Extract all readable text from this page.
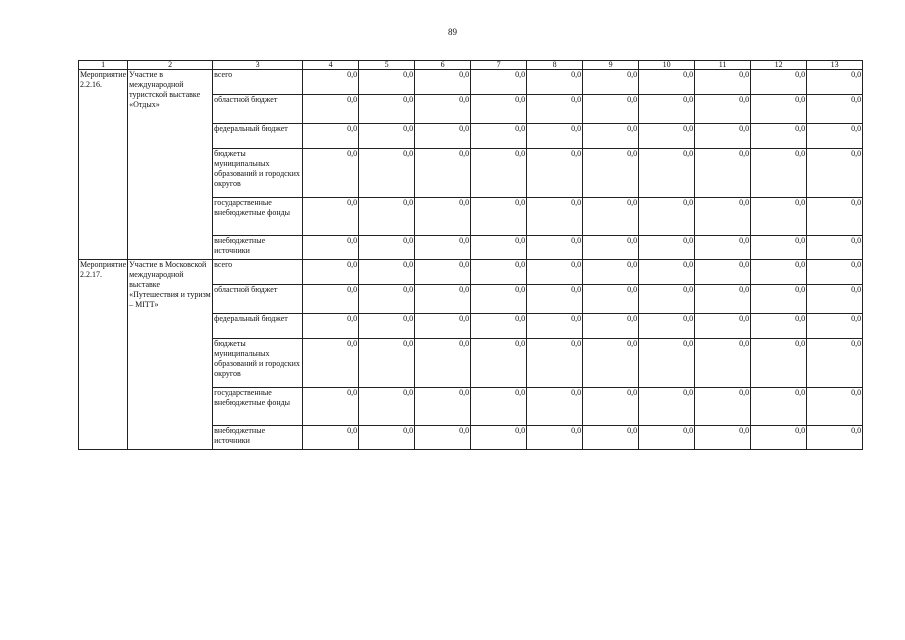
89
1	2	3	4	5	6	7	8	9	10	11	12	13
Мероприятие 2.2.16.	Участие в международной туристской выставке «Отдых»	всего	0,0	0,0	0,0	0,0	0,0	0,0	0,0	0,0	0,0	0,0
		областной бюджет	0,0	0,0	0,0	0,0	0,0	0,0	0,0	0,0	0,0	0,0
		федеральный бюджет	0,0	0,0	0,0	0,0	0,0	0,0	0,0	0,0	0,0	0,0
		бюджеты муниципальных образований и городских округов	0,0	0,0	0,0	0,0	0,0	0,0	0,0	0,0	0,0	0,0
		государственные внебюджетные фонды	0,0	0,0	0,0	0,0	0,0	0,0	0,0	0,0	0,0	0,0
		внебюджетные источники	0,0	0,0	0,0	0,0	0,0	0,0	0,0	0,0	0,0	0,0
Мероприятие 2.2.17.	Участие в Московской международной выставке «Путешествия и туризм – МІТТ»	всего	0,0	0,0	0,0	0,0	0,0	0,0	0,0	0,0	0,0	0,0
		областной бюджет	0,0	0,0	0,0	0,0	0,0	0,0	0,0	0,0	0,0	0,0
		федеральный бюджет	0,0	0,0	0,0	0,0	0,0	0,0	0,0	0,0	0,0	0,0
		бюджеты муниципальных образований и городских округов	0,0	0,0	0,0	0,0	0,0	0,0	0,0	0,0	0,0	0,0
		государственные внебюджетные фонды	0,0	0,0	0,0	0,0	0,0	0,0	0,0	0,0	0,0	0,0
		внебюджетные источники	0,0	0,0	0,0	0,0	0,0	0,0	0,0	0,0	0,0	0,0
